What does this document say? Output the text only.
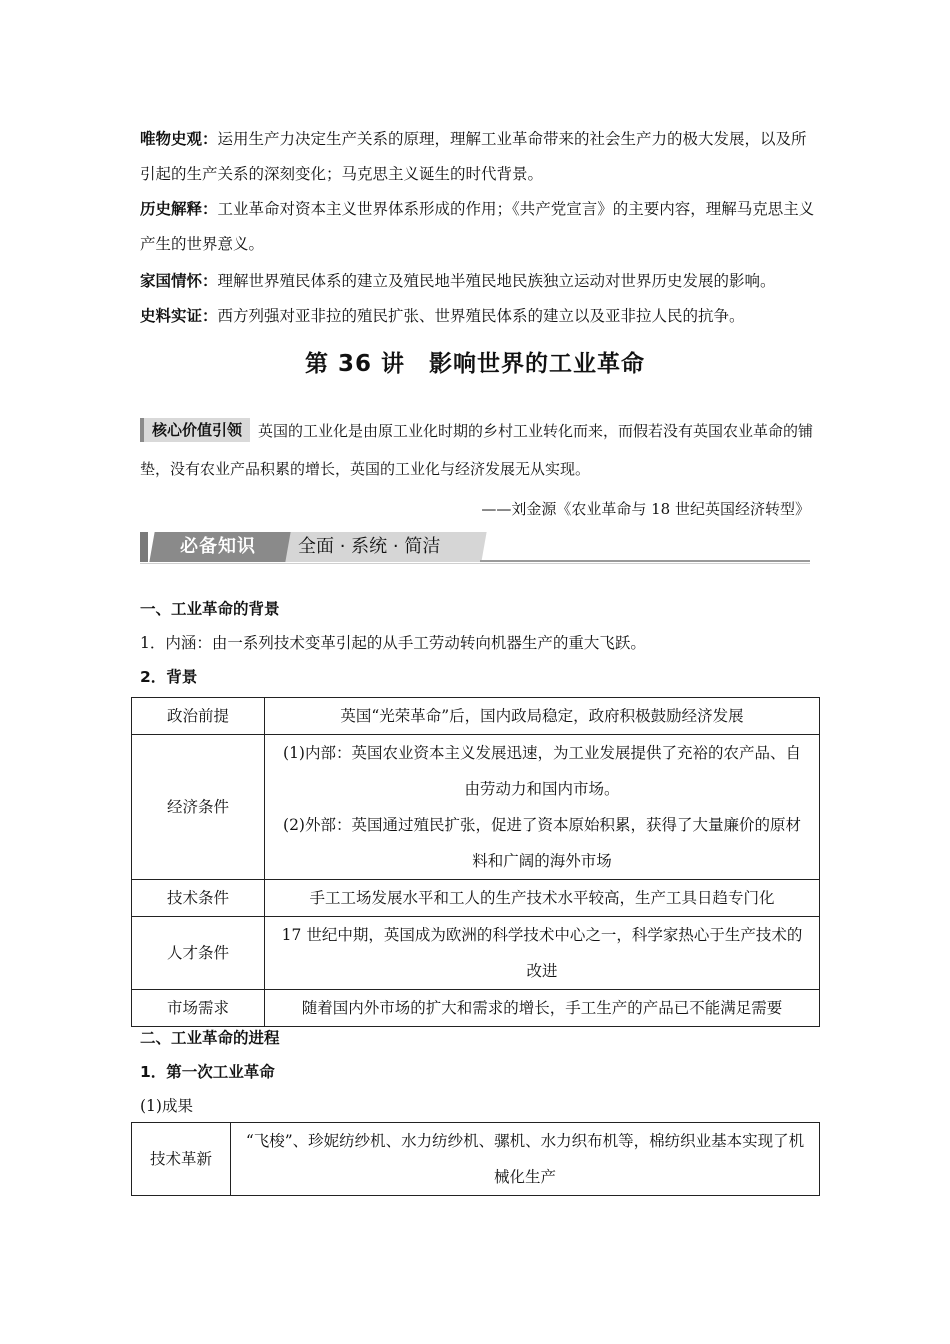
唯物史观：运用生产力决定生产关系的原理，理解工业革命带来的社会生产力的极大发展，以及所引起的生产关系的深刻变化；马克思主义诞生的时代背景。
历史解释：工业革命对资本主义世界体系形成的作用；《共产党宣言》的主要内容，理解马克思主义产生的世界意义。
家国情怀：理解世界殖民体系的建立及殖民地半殖民地民族独立运动对世界历史发展的影响。
史料实证：西方列强对亚非拉的殖民扩张、世界殖民体系的建立以及亚非拉人民的抗争。
第 36 讲　影响世界的工业革命
核心价值引领 英国的工业化是由原工业化时期的乡村工业转化而来，而假若没有英国农业革命的铺垫，没有农业产品积累的增长，英国的工业化与经济发展无从实现。
——刘金源《农业革命与 18 世纪英国经济转型》
必备知识 全面 · 系统 · 简洁
一、工业革命的背景
1．内涵：由一系列技术变革引起的从手工劳动转向机器生产的重大飞跃。
2．背景
政治前提	英国“光荣革命”后，国内政局稳定，政府积极鼓励经济发展
经济条件	(1)内部：英国农业资本主义发展迅速，为工业发展提供了充裕的农产品、自由劳动力和国内市场。
(2)外部：英国通过殖民扩张，促进了资本原始积累，获得了大量廉价的原材料和广阔的海外市场

技术条件	手工工场发展水平和工人的生产技术水平较高，生产工具日趋专门化
人才条件	17 世纪中期，英国成为欧洲的科学技术中心之一，科学家热心于生产技术的改进
市场需求	随着国内外市场的扩大和需求的增长，手工生产的产品已不能满足需要
二、工业革命的进程
1．第一次工业革命
(1)成果
技术革新	“飞梭”、珍妮纺纱机、水力纺纱机、骡机、水力织布机等，棉纺织业基本实现了机械化生产
